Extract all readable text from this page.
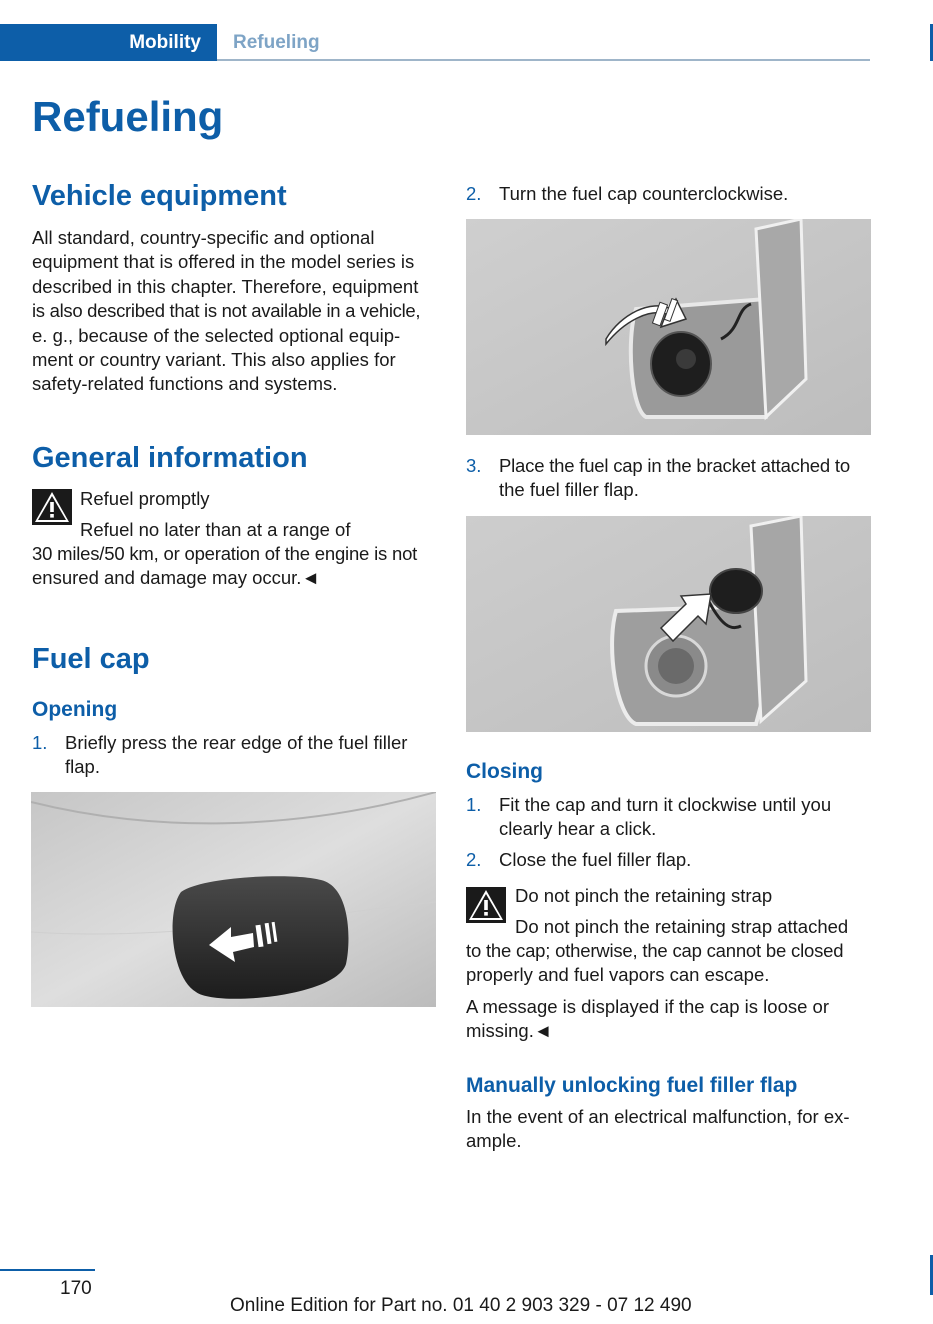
Mobility	Refueling
Refueling
Vehicle equipment
All standard, country-specific and optional
equipment that is offered in the model series is
described in this chapter. Therefore, equipment
is also described that is not available in a vehicle,
e. g., because of the selected optional equip-
ment or country variant. This also applies for
safety-related functions and systems.
General information
Refuel promptly
Refuel no later than at a range of
30 miles/50 km, or operation of the engine is not
ensured and damage may occur.◄
Fuel cap
Opening
1. Briefly press the rear edge of the fuel filler
flap.
2. Turn the fuel cap counterclockwise.
3. Place the fuel cap in the bracket attached to
the fuel filler flap.
Closing
1. Fit the cap and turn it clockwise until you
clearly hear a click.
2. Close the fuel filler flap.
Do not pinch the retaining strap
Do not pinch the retaining strap attached
to the cap; otherwise, the cap cannot be closed
properly and fuel vapors can escape.
A message is displayed if the cap is loose or
missing.◄
Manually unlocking fuel filler flap
In the event of an electrical malfunction, for ex-
ample.
170
Online Edition for Part no. 01 40 2 903 329 - 07 12 490
